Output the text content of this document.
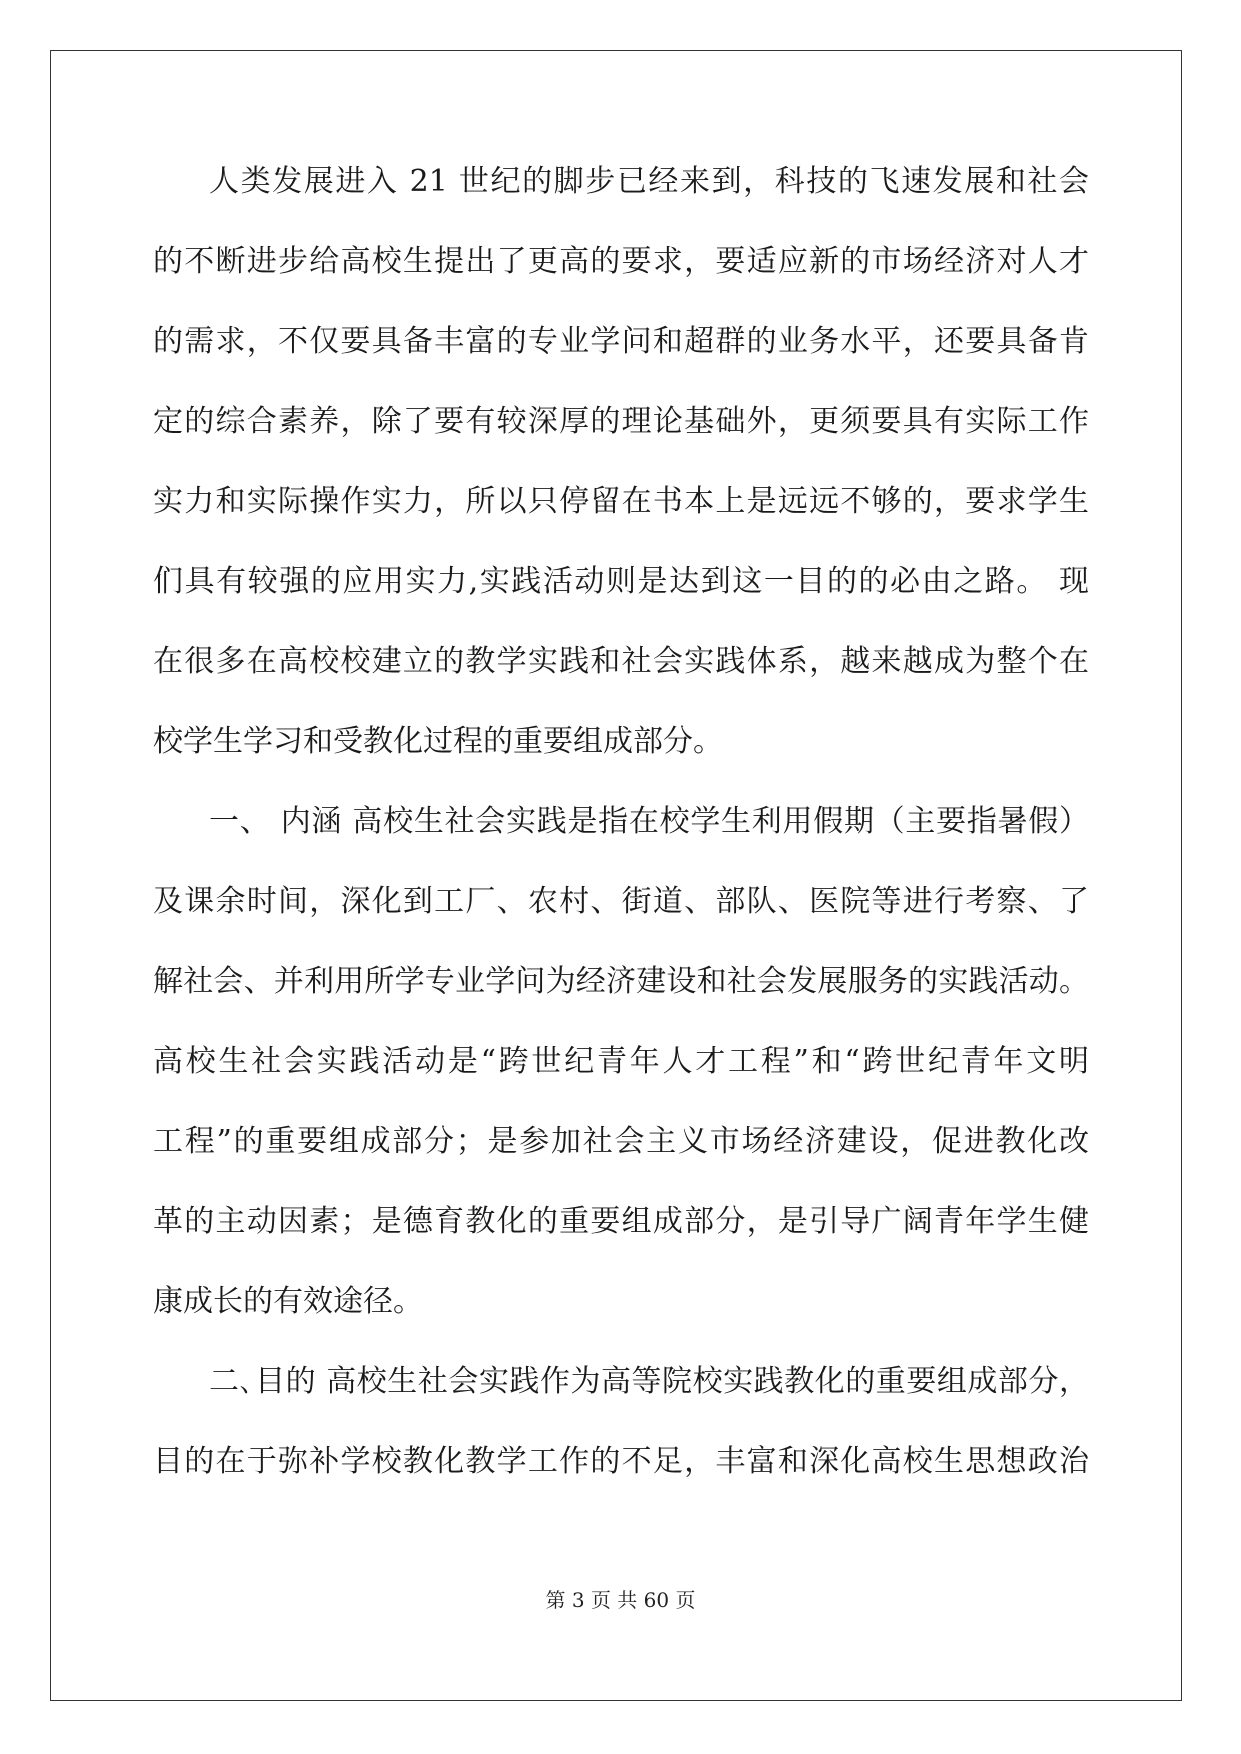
人类发展进入 21 世纪的脚步已经来到，科技的飞速发展和社会
的不断进步给高校生提出了更高的要求，要适应新的市场经济对人才
的需求，不仅要具备丰富的专业学问和超群的业务水平，还要具备肯
定的综合素养，除了要有较深厚的理论基础外，更须要具有实际工作
实力和实际操作实力，所以只停留在书本上是远远不够的，要求学生
们具有较强的应用实力,实践活动则是达到这一目的的必由之路。 现
在很多在高校校建立的教学实践和社会实践体系，越来越成为整个在
校学生学习和受教化过程的重要组成部分。
一、 内涵 高校生社会实践是指在校学生利用假期（主要指暑假）
及课余时间，深化到工厂、农村、街道、部队、医院等进行考察、了
解社会、并利用所学专业学问为经济建设和社会发展服务的实践活动。
高校生社会实践活动是“跨世纪青年人才工程”和“跨世纪青年文明
工程”的重要组成部分；是参加社会主义市场经济建设，促进教化改
革的主动因素；是德育教化的重要组成部分，是引导广阔青年学生健
康成长的有效途径。
二､目的 高校生社会实践作为高等院校实践教化的重要组成部分，
目的在于弥补学校教化教学工作的不足，丰富和深化高校生思想政治
第 3 页 共 60 页
